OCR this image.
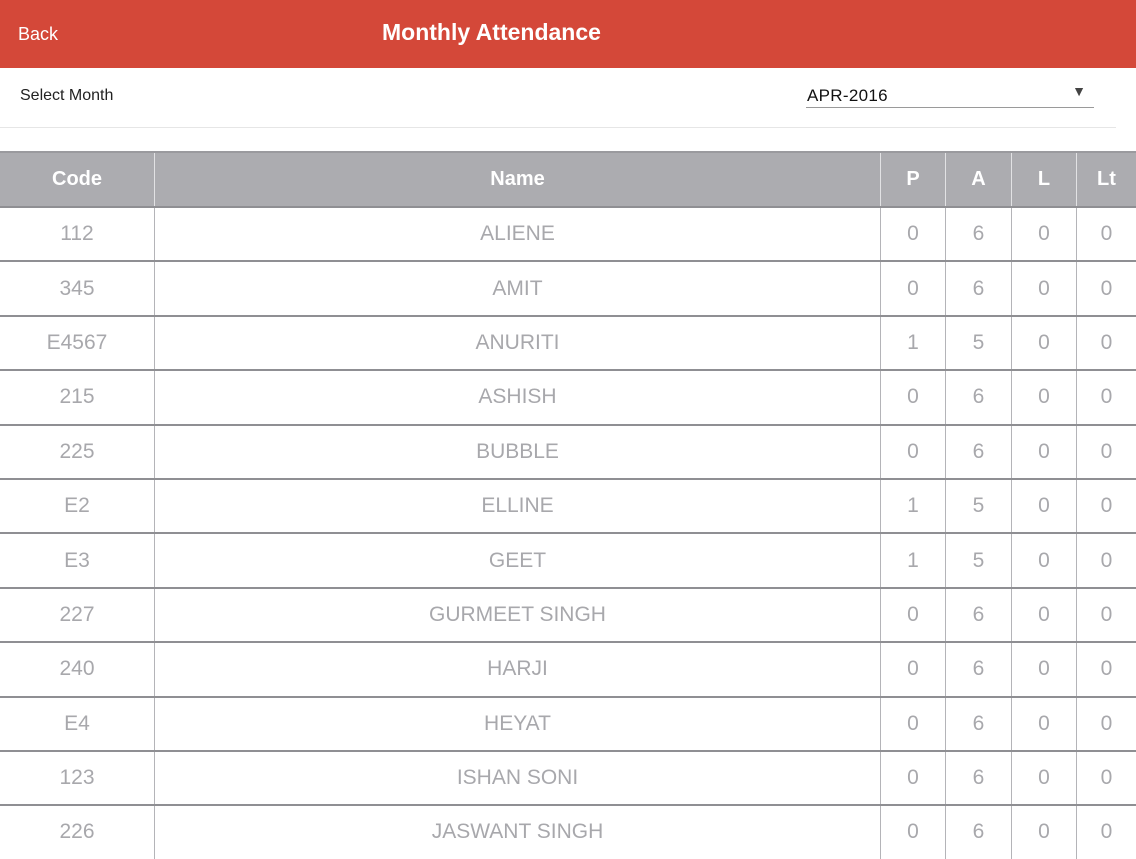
Back	Monthly Attendance
Select Month	APR-2016	▼
Code	Name	P	A	L	Lt
112	ALIENE	0	6	0	0
345	AMIT	0	6	0	0
E4567	ANURITI	1	5	0	0
215	ASHISH	0	6	0	0
225	BUBBLE	0	6	0	0
E2	ELLINE	1	5	0	0
E3	GEET	1	5	0	0
227	GURMEET SINGH	0	6	0	0
240	HARJI	0	6	0	0
E4	HEYAT	0	6	0	0
123	ISHAN SONI	0	6	0	0
226	JASWANT SINGH	0	6	0	0
